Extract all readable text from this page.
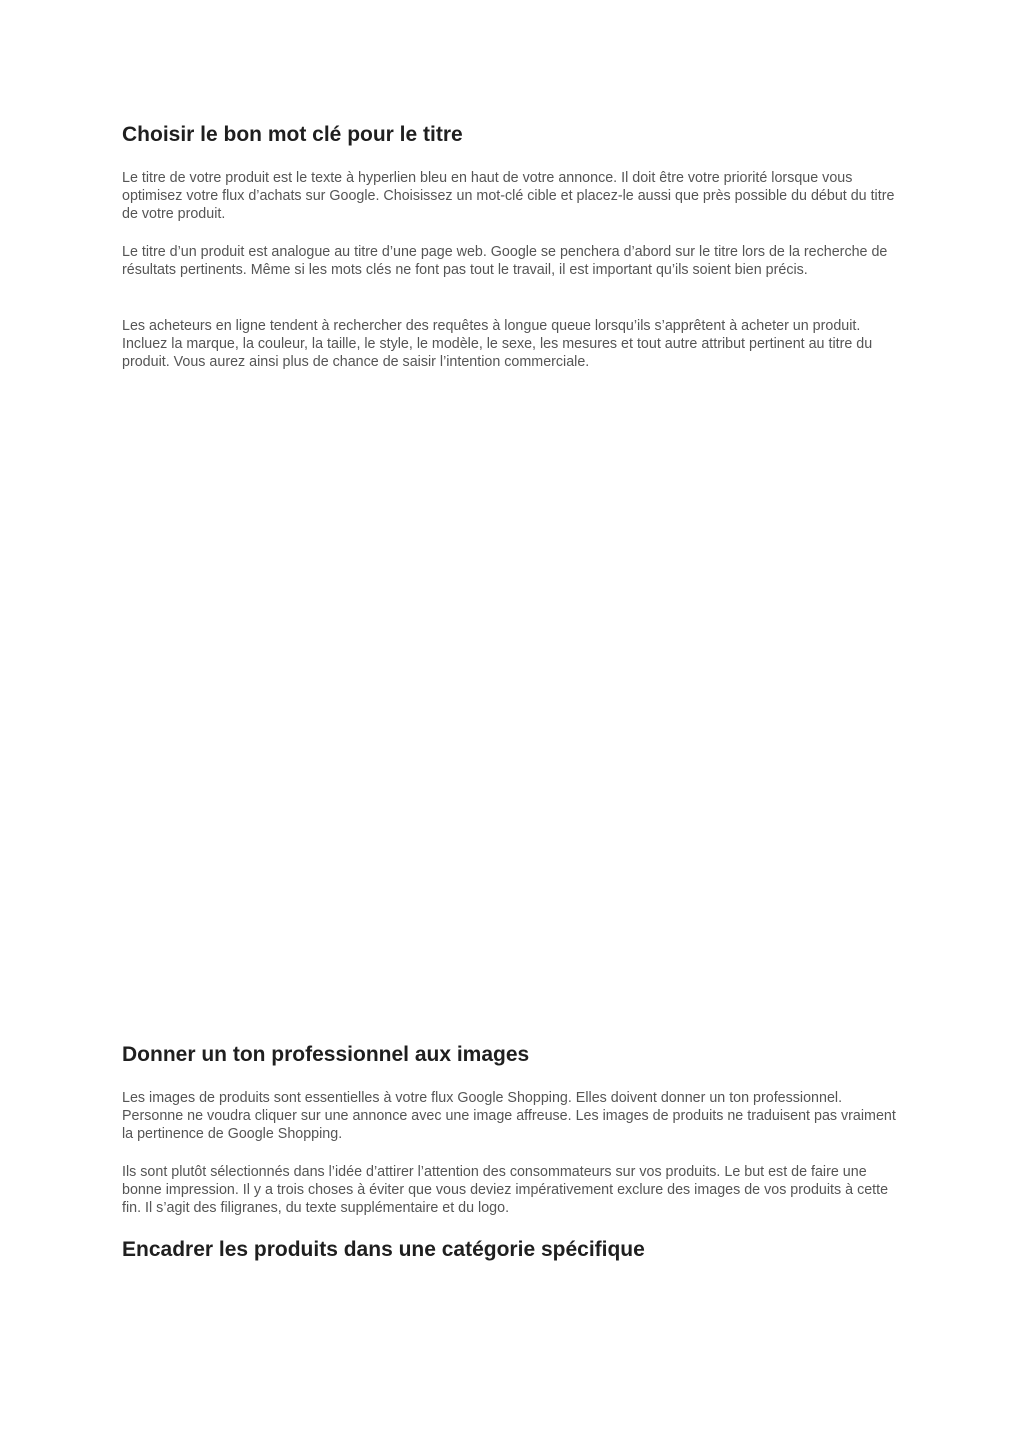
Choisir le bon mot clé pour le titre

Le titre de votre produit est le texte à hyperlien bleu en haut de votre annonce. Il doit être votre priorité lorsque vous optimisez votre flux d’achats sur Google. Choisissez un mot-clé cible et placez-le aussi que près possible du début du titre de votre produit.

Le titre d’un produit est analogue au titre d’une page web. Google se penchera d’abord sur le titre lors de la recherche de résultats pertinents. Même si les mots clés ne font pas tout le travail, il est important qu’ils soient bien précis.

Les acheteurs en ligne tendent à rechercher des requêtes à longue queue lorsqu’ils s’apprêtent à acheter un produit. Incluez la marque, la couleur, la taille, le style, le modèle, le sexe, les mesures et tout autre attribut pertinent au titre du produit. Vous aurez ainsi plus de chance de saisir l’intention commerciale.

Donner un ton professionnel aux images

Les images de produits sont essentielles à votre flux Google Shopping. Elles doivent donner un ton professionnel. Personne ne voudra cliquer sur une annonce avec une image affreuse. Les images de produits ne traduisent pas vraiment la pertinence de Google Shopping.

Ils sont plutôt sélectionnés dans l’idée d’attirer l’attention des consommateurs sur vos produits. Le but est de faire une bonne impression. Il y a trois choses à éviter que vous deviez impérativement exclure des images de vos produits à cette fin. Il s’agit des filigranes, du texte supplémentaire et du logo.

Encadrer les produits dans une catégorie spécifique
